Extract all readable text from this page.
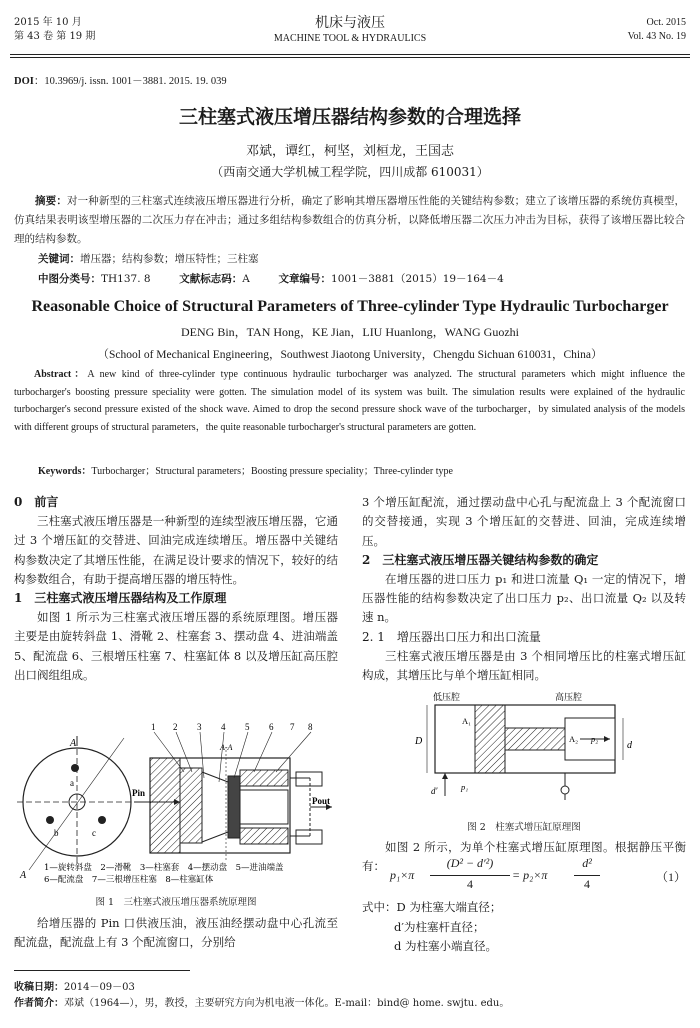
2015 年 10 月
第 43 卷 第 19 期
机床与液压
MACHINE TOOL & HYDRAULICS
Oct. 2015
Vol. 43 No. 19
DOI：10.3969/j. issn. 1001－3881. 2015. 19. 039
三柱塞式液压增压器结构参数的合理选择
邓斌，谭红，柯坚，刘桓龙，王国志
（西南交通大学机械工程学院，四川成都 610031）
摘要：对一种新型的三柱塞式连续液压增压器进行分析，确定了影响其增压器增压性能的关键结构参数；建立了该增压器的系统仿真模型，仿真结果表明该型增压器的二次压力存在冲击；通过多组结构参数组合的仿真分析，以降低增压器二次压力冲击为目标，获得了该增压器比较合理的结构参数。
关键词：增压器；结构参数；增压特性；三柱塞
中图分类号：TH137. 8	文献标志码：A	文章编号：1001－3881（2015）19－164－4
Reasonable Choice of Structural Parameters of Three-cylinder Type Hydraulic Turbocharger
DENG Bin，TAN Hong，KE Jian，LIU Huanlong，WANG Guozhi
（School of Mechanical Engineering，Southwest Jiaotong University，Chengdu Sichuan 610031，China）
Abstract：A new kind of three-cylinder type continuous hydraulic turbocharger was analyzed. The structural parameters which might influence the turbocharger's boosting pressure speciality were gotten. The simulation model of its system was built. The simulation results were explained of the hydraulic turbocharger's second pressure existed of the shock wave. Aimed to drop the second pressure shock wave of the turbocharger，by simulated analysis of the models with different groups of structural parameters，the quite reasonable turbocharger's structural parameters are gotten.
Keywords：Turbocharger；Structural parameters；Boosting pressure speciality；Three-cylinder type
0　前言

三柱塞式液压增压器是一种新型的连续型液压增压器，它通过 3 个增压缸的交替进、回油完成连续增压。增压器中关键结构参数决定了其增压性能，在满足设计要求的情况下，较好的结构参数组合，有助于提高增压器的增压特性。

1　三柱塞式液压增压器结构及工作原理

如图 1 所示为三柱塞式液压增压器的系统原理图。增压器主要是由旋转斜盘 1、滑靴 2、柱塞套 3、摆动盘 4、进油端盖 5、配流盘 6、三根增压柱塞 7、柱塞缸体 8 以及增压缸高压腔出口阀组组成。

A
A
A-A
a
b	c
Pin
Pout
1 2 3 4 5 6 7 8
1—旋转斜盘　2—滑靴　3—柱塞套　4—摆动盘　5—进油端盖
6—配流盘　7—三根增压柱塞　8—柱塞缸体
图 1　三柱塞式液压增压器系统原理图

给增压器的 Pin 口供液压油，液压油经摆动盘中心孔流至配流盘，配流盘上有 3 个配流窗口，分别给

3 个增压缸配流，通过摆动盘中心孔与配流盘上 3 个配流窗口的交替接通，实现 3 个增压缸的交替进、回油，完成连续增压。

2　三柱塞式液压增压器关键结构参数的确定

在增压器的进口压力 p₁ 和进口流量 Q₁ 一定的情况下，增压器性能的结构参数决定了出口压力 p₂、出口流量 Q₂ 以及转速 n。

2. 1　增压器出口压力和出口流量

三柱塞式液压增压器是由 3 个相同增压比的柱塞式增压缸构成，其增压比与单个增压缸相同。

低压腔	高压腔
D	d
d′
A₁
A₂
p₁
p₂
图 2　柱塞式增压缸原理图

如图 2 所示，为单个柱塞式增压缸原理图。根据静压平衡有：

p₁×π
(D² − d′²)
4
= p₂×π
d²
4	（1）
式中：D 为柱塞大端直径；
d′为柱塞杆直径；
d 为柱塞小端直径。
收稿日期：2014－09－03
作者简介：邓斌（1964—），男，教授，主要研究方向为机电液一体化。E-mail：bind@ home. swjtu. edu。
